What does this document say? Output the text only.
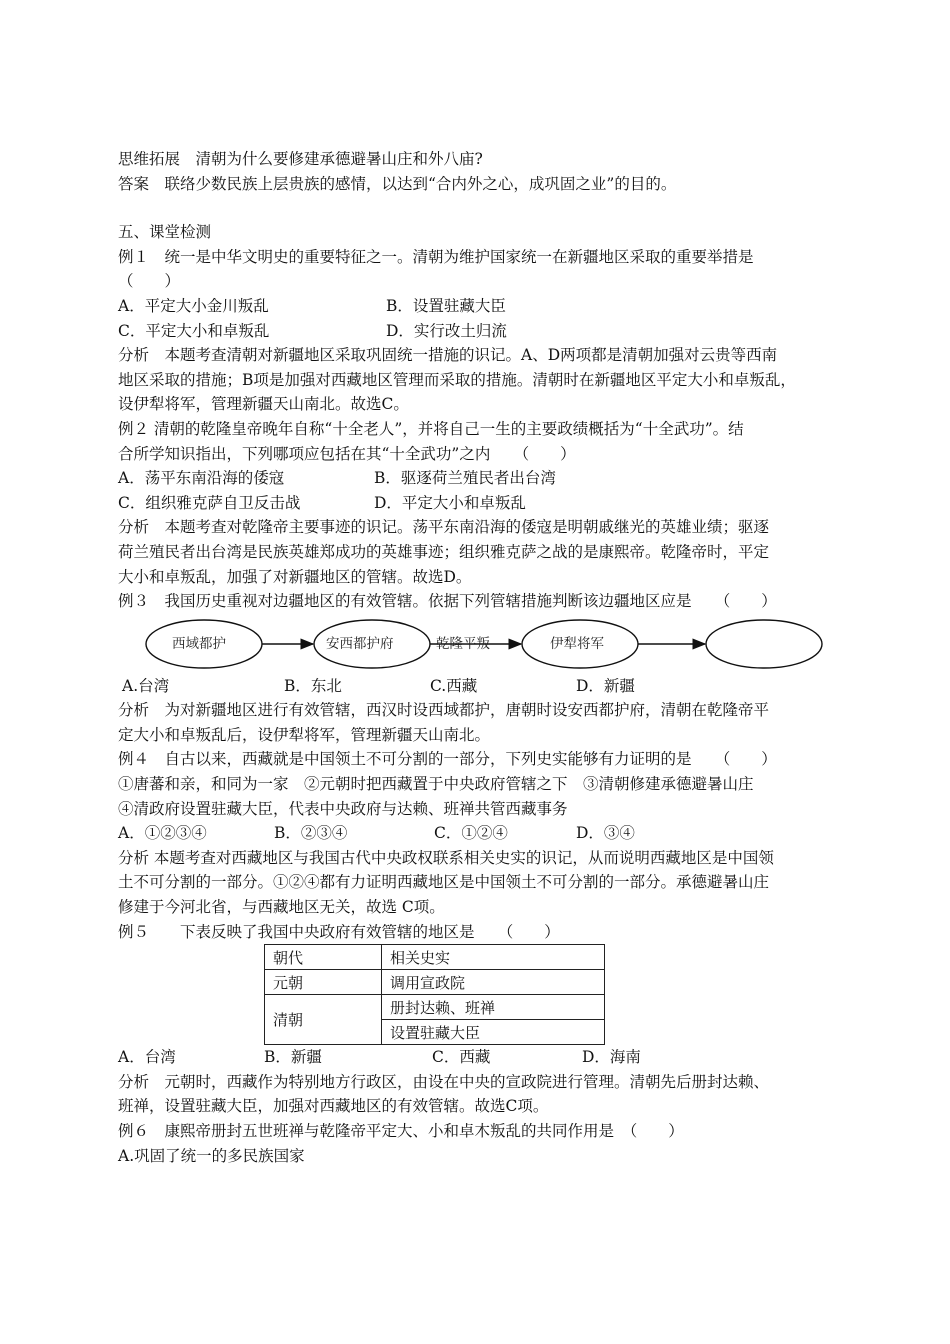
思维拓展　清朝为什么要修建承德避暑山庄和外八庙?
答案　联络少数民族上层贵族的感情，以达到“合内外之心，成巩固之业”的目的。
五、课堂检测
例１　统一是中华文明史的重要特征之一。清朝为维护国家统一在新疆地区采取的重要举措是
（　　）
A．平定大小金川叛乱	B．设置驻藏大臣
C．平定大小和卓叛乱	D．实行改土归流
分析　本题考查清朝对新疆地区采取巩固统一措施的识记。A、D两项都是清朝加强对云贵等西南
地区采取的措施；B项是加强对西藏地区管理而采取的措施。清朝时在新疆地区平定大小和卓叛乱，
设伊犁将军，管理新疆天山南北。故选C。
例２ 清朝的乾隆皇帝晚年自称“十全老人”，并将自己一生的主要政绩概括为“十全武功”。结
合所学知识指出，下列哪项应包括在其“十全武功”之内　　（　　）
A．荡平东南沿海的倭寇	B．驱逐荷兰殖民者出台湾
C．组织雅克萨自卫反击战	D．平定大小和卓叛乱
分析　本题考查对乾隆帝主要事迹的识记。荡平东南沿海的倭寇是明朝戚继光的英雄业绩；驱逐
荷兰殖民者出台湾是民族英雄郑成功的英雄事迹；组织雅克萨之战的是康熙帝。乾隆帝时，平定
大小和卓叛乱，加强了对新疆地区的管辖。故选D。
例３　我国历史重视对边疆地区的有效管辖。依据下列管辖措施判断该边疆地区应是　　（　　）
西域都护	安西都护府	乾隆平叛	伊犁将军
A.台湾	B．东北	C.西藏	D．新疆
分析　为对新疆地区进行有效管辖，西汉时设西域都护，唐朝时设安西都护府，清朝在乾隆帝平
定大小和卓叛乱后，设伊犁将军，管理新疆天山南北。
例４　自古以来，西藏就是中国领土不可分割的一部分，下列史实能够有力证明的是　　（　　）
①唐蕃和亲，和同为一家　②元朝时把西藏置于中央政府管辖之下　③清朝修建承德避暑山庄
④清政府设置驻藏大臣，代表中央政府与达赖、班禅共管西藏事务
A．①②③④	B．②③④	C．①②④	D．③④
分析 本题考查对西藏地区与我国古代中央政权联系相关史实的识记，从而说明西藏地区是中国领
土不可分割的一部分。①②④都有力证明西藏地区是中国领土不可分割的一部分。承德避暑山庄
修建于今河北省，与西藏地区无关，故选 C项。
例５　　下表反映了我国中央政府有效管辖的地区是　　（　　）
朝代	相关史实
元朝	调用宣政院
清朝	册封达赖、班禅
	设置驻藏大臣
A．台湾	B．新疆	C．西藏	D．海南
分析　元朝时，西藏作为特别地方行政区，由设在中央的宣政院进行管理。清朝先后册封达赖、
班禅，设置驻藏大臣，加强对西藏地区的有效管辖。故选C项。
例６　康熙帝册封五世班禅与乾隆帝平定大、小和卓木叛乱的共同作用是　（　　）
A.巩固了统一的多民族国家
